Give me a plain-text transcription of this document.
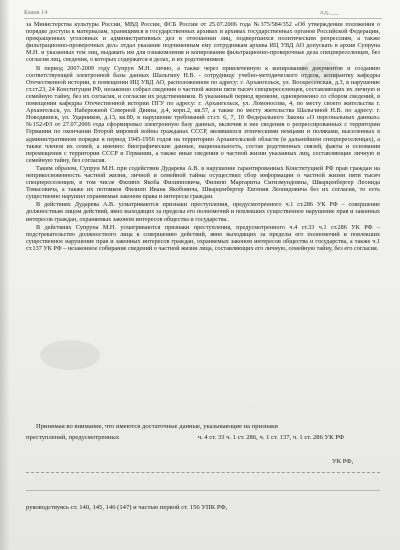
Бланк 14	л.д.___

за Министерства культуры России, МВД России, ФСБ России от 25.07.2006 года №375/584/352 «Об утверждении положения о порядке доступа к материалам, хранящимся в государственных архивах и архивах государственных органов Российской Федерации, прекращенных уголовных и административных дел в отношении лиц, подвергшихся политическим репрессиям, а также фильтрационно-проверочных дел» отдал указание подчиненным ему сотрудникам архива ИЦ УВД АО допускать в архив Супруна М.Н. и указанных тем лиц, выдавать им для ознакомления и копирования фильтрационно-проверочные дела спецпереселенцев, без согласия лиц, сведения, о которых содержатся в делах, и их родственников.

В период 2007-2009 году Супрун М.Н. лично, а также через привлеченную к копированию документов и созданию соответствующей электронной базы данных Шальгину Н.В. - сотрудницу учебно-методического отдела, аспирантку кафедры Отечественной истории, в помещении ИЦ УВД АО, расположенном по адресу: г. Архангельск, ул. Воскресенская, д.3, в нарушение ст.ст.23, 24 Конституции РФ, незаконно собрал сведения о частной жизни пяти тысяч спецпереселенцев, составляющих их личную и семейную тайну, без их согласия, и согласия их родственников. В указанный период времени, одновременно со сбором сведений, в помещении кафедры Отечественной истории ПГУ по адресу: г. Архангельск, ул. Ломоносова, 4, по месту своего жительства г. Архангельск, ул. Набережной Северной Двины, д.4, корп.2, кв.57, а также по месту жительства Шальгиной Н.В. по адресу: г. Новодвинск, ул. Ударников, д.13, кв.80, в нарушение требований ст.ст. 6, 7, 10 Федерального Закона «О персональных данных» №152-ФЗ от 27.07.2006 года сформировал электронную базу данных, включив в нее сведения о репрессированных с территории Германии по окончании Второй мировой войны гражданах СССР, являвшихся этническими немцами и поляками, выселенных в административном порядке в период 1945-1956 годов на территорию Архангельской области (в дальнейшем спецпереселенцах), а также членов их семей, а именно: биографические данные, национальность, состав родственных связей, факты и основания перемещения с территории СССР и Германии, а также иные сведения о частной жизни указанных лиц, составляющие личную и семейную тайну, без согласия.

Таким образом, Супрун М.Н. при содействии Дударева А.В. в нарушение гарантированных Конституцией РФ прав граждан на неприкосновенность частной жизни, личной и семейной тайны осуществил сбор информации о частной жизни пяти тысяч спецпереселенцев, в том числе Филипп Якоба Филипповича, Филипп Маргариты Сигизмундовны, Шварценбергер Леонида Томасовича, а также их потомков Филипп Ивана Якобовича, Шварценбергер Евгения Леонидовича без их согласия, то есть существенно нарушил охраняемые законом права и интересы граждан.

В действиях Дударева А.В. усматриваются признаки преступления, предусмотренного ч.1 ст.286 УК РФ – совершение должностным лицом действий, явно выходящих за пределы его полномочий и повлекших существенное нарушение прав и законных интересов граждан, охраняемых законом интересов общества и государства.

В действиях Супруна М.Н. усматриваются признаки преступления, предусмотренного ч.4 ст.33 ч.1 ст.286 УК РФ – подстрекательство должностного лица к совершению действий, явно выходящих за пределы его полномочий и повлекших существенное нарушение прав и законных интересов граждан, охраняемых законом интересов общества и государства, а также ч.1 ст.137 УК РФ – незаконное собирание сведений о частной жизни лица, составляющих его личную, семейную тайну, без его согласия.

Принимая во внимание, что имеются достаточные данные, указывающие на признаки

преступлений, предусмотренных	ч. 4 ст. 33 ч. 1 ст. 286, ч. 1 ст. 137, ч. 1 ст. 286 УК РФ
УК РФ,
руководствуясь ст. 140, 145, 146 (147) и частью первой ст. 156 УПК РФ,
